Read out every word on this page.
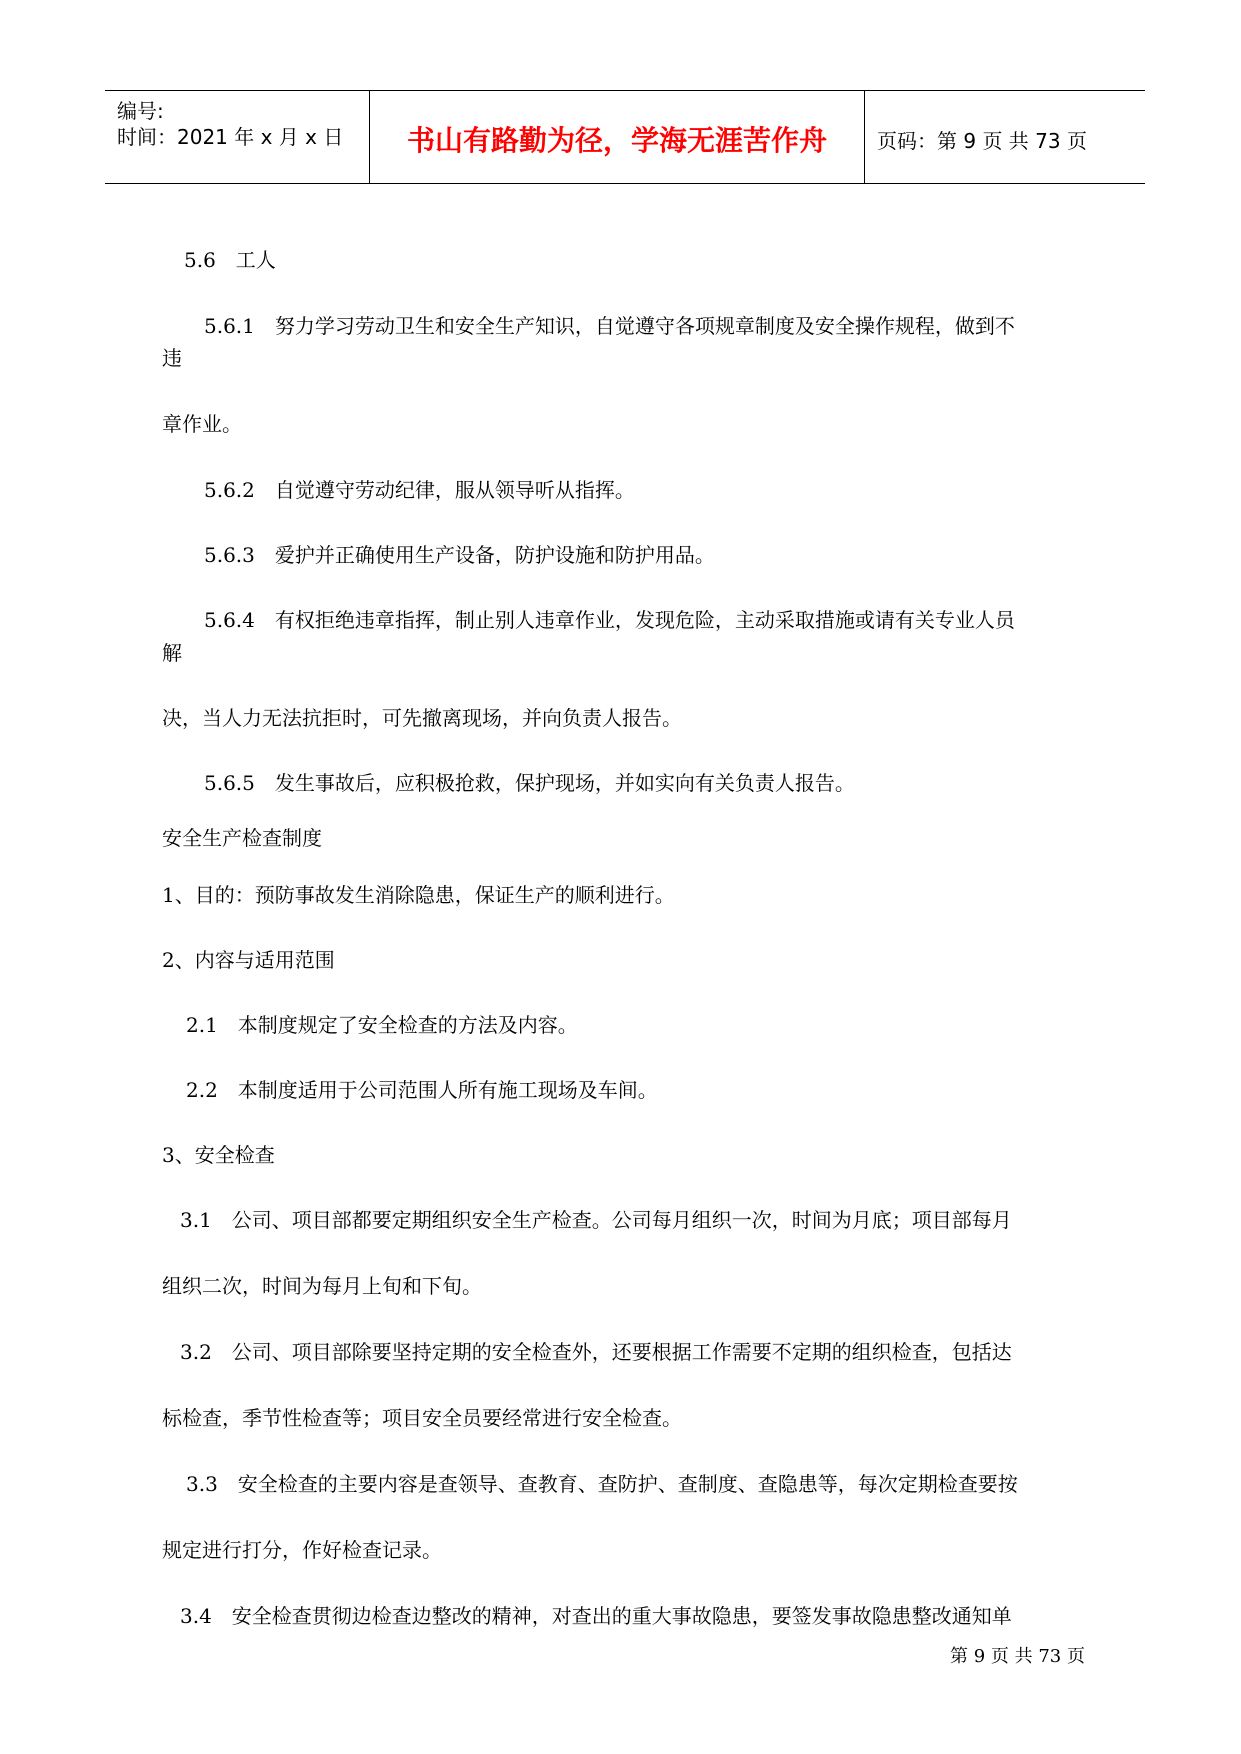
编号:
时间：2021 年 x 月 x 日	书山有路勤为径，学海无涯苦作舟	页码：第 9 页 共 73 页
5.6　工人
5.6.1　努力学习劳动卫生和安全生产知识，自觉遵守各项规章制度及安全操作规程，做到不
违
章作业。
5.6.2　自觉遵守劳动纪律，服从领导听从指挥。
5.6.3　爱护并正确使用生产设备，防护设施和防护用品。
5.6.4　有权拒绝违章指挥，制止别人违章作业，发现危险，主动采取措施或请有关专业人员
解
决，当人力无法抗拒时，可先撤离现场，并向负责人报告。
5.6.5　发生事故后，应积极抢救，保护现场，并如实向有关负责人报告。
安全生产检查制度
1、目的：预防事故发生消除隐患，保证生产的顺利进行。
2、内容与适用范围
2.1　本制度规定了安全检查的方法及内容。
2.2　本制度适用于公司范围人所有施工现场及车间。
3、安全检查
3.1　公司、项目部都要定期组织安全生产检查。公司每月组织一次，时间为月底；项目部每月
组织二次，时间为每月上旬和下旬。
3.2　公司、项目部除要坚持定期的安全检查外，还要根据工作需要不定期的组织检查，包括达
标检查，季节性检查等；项目安全员要经常进行安全检查。
3.3　安全检查的主要内容是查领导、查教育、查防护、查制度、查隐患等，每次定期检查要按
规定进行打分，作好检查记录。
3.4　安全检查贯彻边检查边整改的精神，对查出的重大事故隐患，要签发事故隐患整改通知单
第 9 页 共 73 页
